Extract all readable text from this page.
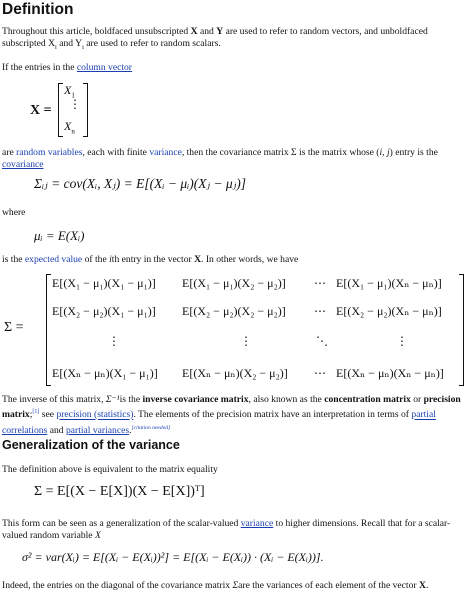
Definition

Throughout this article, boldfaced unsubscripted X and Y are used to refer to random vectors, and unboldfaced subscripted $X_i$ and $Y_i$ are used to refer to random scalars.

If the entries in the column vector

X =
$X_1$
⋮
$X_n$

are random variables, each with finite variance, then the covariance matrix Σ is the matrix whose (i, j) entry is the covariance

Σᵢⱼ = cov(Xᵢ, Xⱼ) = E[(Xᵢ − μᵢ)(Xⱼ − μⱼ)]

where

μᵢ = E(Xᵢ)

is the expected value of the ith entry in the vector X. In other words, we have

Σ =
E[(X₁ − μ₁)(X₁ − μ₁)] E[(X₁ − μ₁)(X₂ − μ₂)] ⋯ E[(X₁ − μ₁)(Xₙ − μₙ)]
E[(X₂ − μ₂)(X₁ − μ₁)] E[(X₂ − μ₂)(X₂ − μ₂)] ⋯ E[(X₂ − μ₂)(Xₙ − μₙ)]
⋮	⋮	⋱	⋮
E[(Xₙ − μₙ)(X₁ − μ₁)] E[(Xₙ − μₙ)(X₂ − μ₂)] ⋯ E[(Xₙ − μₙ)(Xₙ − μₙ)]

The inverse of this matrix, Σ⁻¹is the inverse covariance matrix, also known as the concentration matrix or precision matrix;[1] see precision (statistics). The elements of the precision matrix have an interpretation in terms of partial correlations and partial variances.[citation needed]

Generalization of the variance

The definition above is equivalent to the matrix equality

Σ = E[(X − E[X])(X − E[X])ᵀ]

This form can be seen as a generalization of the scalar-valued variance to higher dimensions. Recall that for a scalar-valued random variable X

σ² = var(Xᵢ) = E[(Xᵢ − E(Xᵢ))²] = E[(Xᵢ − E(Xᵢ)) · (Xᵢ − E(Xᵢ))].

Indeed, the entries on the diagonal of the covariance matrix Σare the variances of each element of the vector X.
